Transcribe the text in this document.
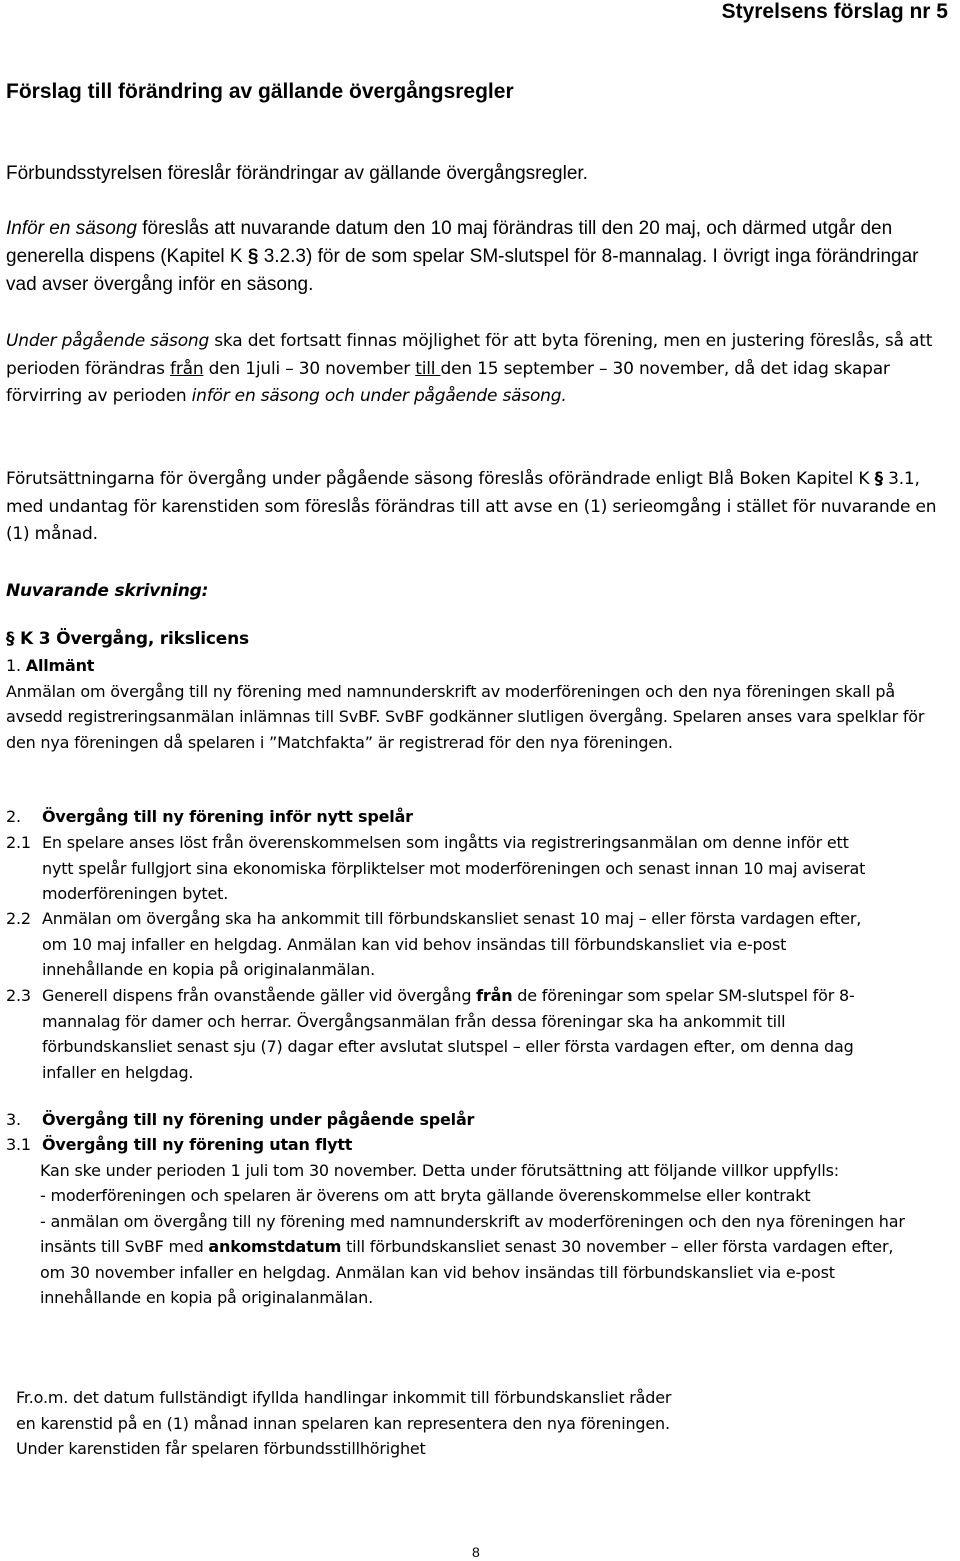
Styrelsens förslag nr 5
Förslag till förändring av gällande övergångsregler
Förbundsstyrelsen föreslår förändringar av gällande övergångsregler.
Inför en säsong föreslås att nuvarande datum den 10 maj förändras till den 20 maj, och därmed utgår den generella dispens (Kapitel K § 3.2.3) för de som spelar SM-slutspel för 8-mannalag. I övrigt inga förändringar vad avser övergång inför en säsong.
Under pågående säsong ska det fortsatt finnas möjlighet för att byta förening, men en justering föreslås, så att perioden förändras från den 1juli – 30 november till den 15 september – 30 november, då det idag skapar förvirring av perioden inför en säsong och under pågående säsong.
Förutsättningarna för övergång under pågående säsong föreslås oförändrade enligt Blå Boken Kapitel K § 3.1, med undantag för karenstiden som föreslås förändras till att avse en (1) serieomgång i stället för nuvarande en (1) månad.
Nuvarande skrivning:
§ K 3 Övergång, rikslicens
1. Allmänt
Anmälan om övergång till ny förening med namnunderskrift av moderföreningen och den nya föreningen skall på avsedd registreringsanmälan inlämnas till SvBF. SvBF godkänner slutligen övergång. Spelaren anses vara spelklar för den nya föreningen då spelaren i ”Matchfakta” är registrerad för den nya föreningen.
2. Övergång till ny förening inför nytt spelår
2.1 En spelare anses löst från överenskommelsen som ingåtts via registreringsanmälan om denne inför ett nytt spelår fullgjort sina ekonomiska förpliktelser mot moderföreningen och senast innan 10 maj aviserat moderföreningen bytet.
2.2 Anmälan om övergång ska ha ankommit till förbundskansliet senast 10 maj – eller första vardagen efter, om 10 maj infaller en helgdag. Anmälan kan vid behov insändas till förbundskansliet via e-post innehållande en kopia på originalanmälan.
2.3 Generell dispens från ovanstående gäller vid övergång från de föreningar som spelar SM-slutspel för 8-mannalag för damer och herrar. Övergångsanmälan från dessa föreningar ska ha ankommit till förbundskansliet senast sju (7) dagar efter avslutat slutspel – eller första vardagen efter, om denna dag infaller en helgdag.
3. Övergång till ny förening under pågående spelår
3.1 Övergång till ny förening utan flytt
Kan ske under perioden 1 juli tom 30 november. Detta under förutsättning att följande villkor uppfylls:
- moderföreningen och spelaren är överens om att bryta gällande överenskommelse eller kontrakt
- anmälan om övergång till ny förening med namnunderskrift av moderföreningen och den nya föreningen har insänts till SvBF med ankomstdatum till förbundskansliet senast 30 november – eller första vardagen efter, om 30 november infaller en helgdag. Anmälan kan vid behov insändas till förbundskansliet via e-post innehållande en kopia på originalanmälan.
Fr.o.m. det datum fullständigt ifyllda handlingar inkommit till förbundskansliet råder
en karenstid på en (1) månad innan spelaren kan representera den nya föreningen.
Under karenstiden får spelaren förbundsstillhörighet
8
